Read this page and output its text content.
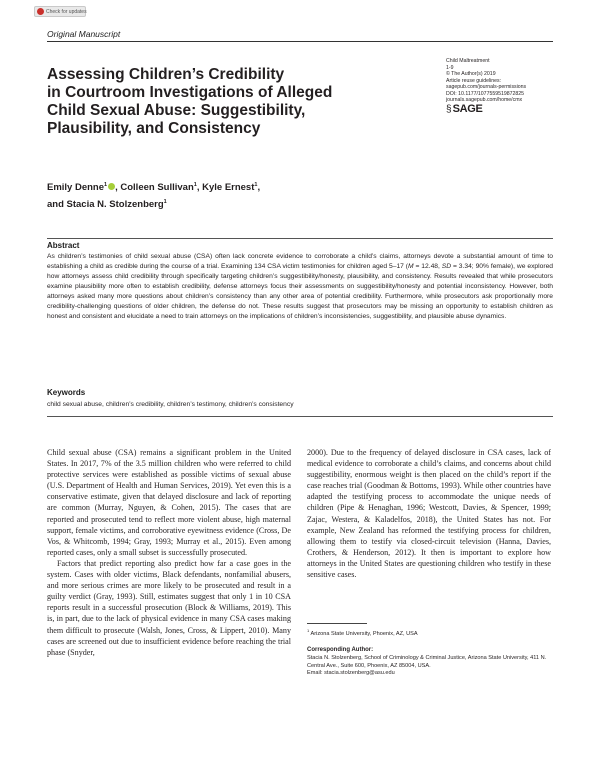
Check for updates
Original Manuscript
Assessing Children’s Credibility
in Courtroom Investigations of Alleged
Child Sexual Abuse: Suggestibility,
Plausibility, and Consistency
Child Maltreatment
1-9
© The Author(s) 2019
Article reuse guidelines:
sagepub.com/journals-permissions
DOI: 10.1177/1077559519872825
journals.sagepub.com/home/cmx
§ SAGE
Emily Denne$^1$ , Colleen Sullivan$^1$, Kyle Ernest$^1$,
and Stacia N. Stolzenberg$^1$
Abstract
As children’s testimonies of child sexual abuse (CSA) often lack concrete evidence to corroborate a child’s claims, attorneys devote a substantial amount of time to establishing a child as credible during the course of a trial. Examining 134 CSA victim testimonies for children aged 5–17 (M = 12.48, SD = 3.34; 90% female), we explored how attorneys assess child credibility through specifically targeting children’s suggestibility/honesty, plausibility, and consistency. Results revealed that while prosecutors examine plausibility more often to establish credibility, defense attorneys focus their assessments on suggestibility/honesty and potential inconsistency. However, both attorneys asked many more questions about children’s consistency than any other area of potential credibility. Furthermore, while prosecutors ask proportionally more credibility-challenging questions of older children, the defense do not. These results suggest that prosecutors may be missing an opportunity to establish children as honest and consistent and elucidate a need to train attorneys on the implications of children’s inconsistencies, suggestibility, and plausible abuse dynamics.
Keywords
child sexual abuse, children’s credibility, children’s testimony, children’s consistency

Child sexual abuse (CSA) remains a significant problem in the United States. In 2017, 7% of the 3.5 million children who were referred to child protective services were established as possible victims of sexual abuse (U.S. Department of Health and Human Services, 2019). Yet even this is a conservative estimate, given that delayed disclosure and lack of reporting are common (Murray, Nguyen, & Cohen, 2015). The cases that are reported and prosecuted tend to reflect more violent abuse, high maternal support, female victims, and corroborative eyewitness evidence (Cross, De Vos, & Whitcomb, 1994; Gray, 1993; Murray et al., 2015). Even among reported cases, only a small subset is successfully prosecuted.

Factors that predict reporting also predict how far a case goes in the system. Cases with older victims, Black defendants, nonfamilial abusers, and more serious crimes are more likely to be prosecuted and result in a guilty verdict (Gray, 1993). Still, estimates suggest that only 1 in 10 CSA reports result in a successful prosecution (Block & Williams, 2019). This is, in part, due to the lack of physical evidence in many CSA cases making them difficult to prosecute (Walsh, Jones, Cross, & Lippert, 2010). Many cases are screened out due to insufficient evidence before reaching the trial phase (Snyder,

2000). Due to the frequency of delayed disclosure in CSA cases, lack of medical evidence to corroborate a child’s claims, and concerns about child suggestibility, enormous weight is then placed on the child’s report if the case reaches trial (Goodman & Bottoms, 1993). While other countries have adapted the testifying process to accommodate the unique needs of children (Pipe & Henaghan, 1996; Westcott, Davies, & Spencer, 1999; Zajac, Westera, & Kaladelfos, 2018), the United States has not. For example, New Zealand has reformed the testifying process for children, allowing them to testify via closed-circuit television (Hanna, Davies, Crothers, & Henderson, 2012). It then is important to explore how attorneys in the United States are questioning children who testify in these sensitive cases.

$^1$ Arizona State University, Phoenix, AZ, USA
Corresponding Author:
Stacia N. Stolzenberg, School of Criminology & Criminal Justice, Arizona State University, 411 N. Central Ave., Suite 600, Phoenix, AZ 85004, USA.
Email: stacia.stolzenberg@asu.edu
